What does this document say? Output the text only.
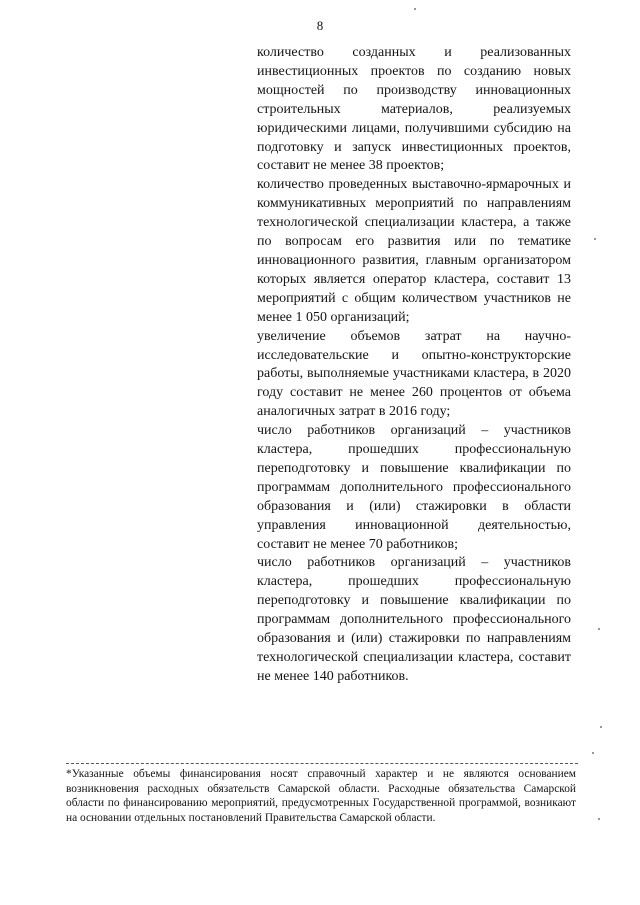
8

количество созданных и реализованных инвестиционных проектов по созданию новых мощностей по производству инновационных строительных материалов, реализуемых юридическими лицами, получившими субсидию на подготовку и запуск инвестиционных проектов, составит не менее 38 проектов;

количество проведенных выставочно-ярмарочных и коммуникативных мероприятий по направлениям технологической специализации кластера, а также по вопросам его развития или по тематике инновационного развития, главным организатором которых является оператор кластера, составит 13 мероприятий с общим количеством участников не менее 1 050 организаций;

увеличение объемов затрат на научно-исследовательские и опытно-конструкторские работы, выполняемые участниками кластера, в 2020 году составит не менее 260 процентов от объема аналогичных затрат в 2016 году;

число работников организаций – участников кластера, прошедших профессиональную переподготовку и повышение квалификации по программам дополнительного профессионального образования и (или) стажировки в области управления инновационной деятельностью, составит не менее 70 работников;

число работников организаций – участников кластера, прошедших профессиональную переподготовку и повышение квалификации по программам дополнительного профессионального образования и (или) стажировки по направлениям технологической специализации кластера, составит не менее 140 работников.

*Указанные объемы финансирования носят справочный характер и не являются основанием возникновения расходных обязательств Самарской области. Расходные обязательства Самарской области по финансированию мероприятий, предусмотренных Государственной программой, возникают на основании отдельных постановлений Правительства Самарской области.
